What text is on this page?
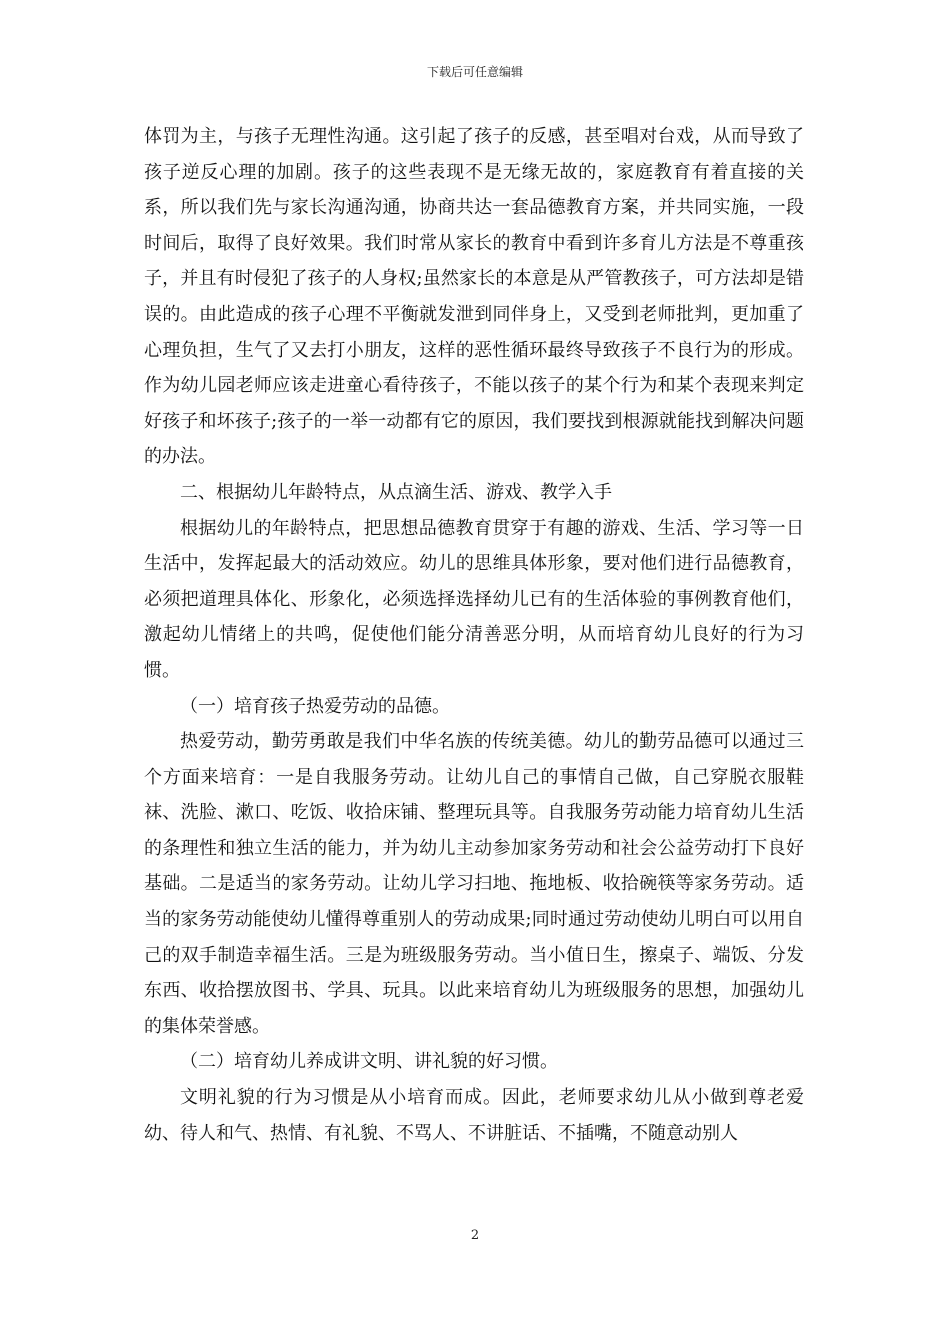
下载后可任意编辑

体罚为主，与孩子无理性沟通。这引起了孩子的反感，甚至唱对台戏，从而导致了孩子逆反心理的加剧。孩子的这些表现不是无缘无故的，家庭教育有着直接的关系，所以我们先与家长沟通沟通，协商共达一套品德教育方案，并共同实施，一段时间后，取得了良好效果。我们时常从家长的教育中看到许多育儿方法是不尊重孩子，并且有时侵犯了孩子的人身权;虽然家长的本意是从严管教孩子，可方法却是错误的。由此造成的孩子心理不平衡就发泄到同伴身上，又受到老师批判，更加重了心理负担，生气了又去打小朋友，这样的恶性循环最终导致孩子不良行为的形成。作为幼儿园老师应该走进童心看待孩子，不能以孩子的某个行为和某个表现来判定好孩子和坏孩子;孩子的一举一动都有它的原因，我们要找到根源就能找到解决问题的办法。

二、根据幼儿年龄特点，从点滴生活、游戏、教学入手

根据幼儿的年龄特点，把思想品德教育贯穿于有趣的游戏、生活、学习等一日生活中，发挥起最大的活动效应。幼儿的思维具体形象，要对他们进行品德教育，必须把道理具体化、形象化，必须选择选择幼儿已有的生活体验的事例教育他们，激起幼儿情绪上的共鸣，促使他们能分清善恶分明，从而培育幼儿良好的行为习惯。

（一）培育孩子热爱劳动的品德。

热爱劳动，勤劳勇敢是我们中华名族的传统美德。幼儿的勤劳品德可以通过三个方面来培育：一是自我服务劳动。让幼儿自己的事情自己做，自己穿脱衣服鞋袜、洗脸、漱口、吃饭、收拾床铺、整理玩具等。自我服务劳动能力培育幼儿生活的条理性和独立生活的能力，并为幼儿主动参加家务劳动和社会公益劳动打下良好基础。二是适当的家务劳动。让幼儿学习扫地、拖地板、收拾碗筷等家务劳动。适当的家务劳动能使幼儿懂得尊重别人的劳动成果;同时通过劳动使幼儿明白可以用自己的双手制造幸福生活。三是为班级服务劳动。当小值日生，擦桌子、端饭、分发东西、收拾摆放图书、学具、玩具。以此来培育幼儿为班级服务的思想，加强幼儿的集体荣誉感。

（二）培育幼儿养成讲文明、讲礼貌的好习惯。

文明礼貌的行为习惯是从小培育而成。因此，老师要求幼儿从小做到尊老爱幼、待人和气、热情、有礼貌、不骂人、不讲脏话、不插嘴，不随意动别人

2
